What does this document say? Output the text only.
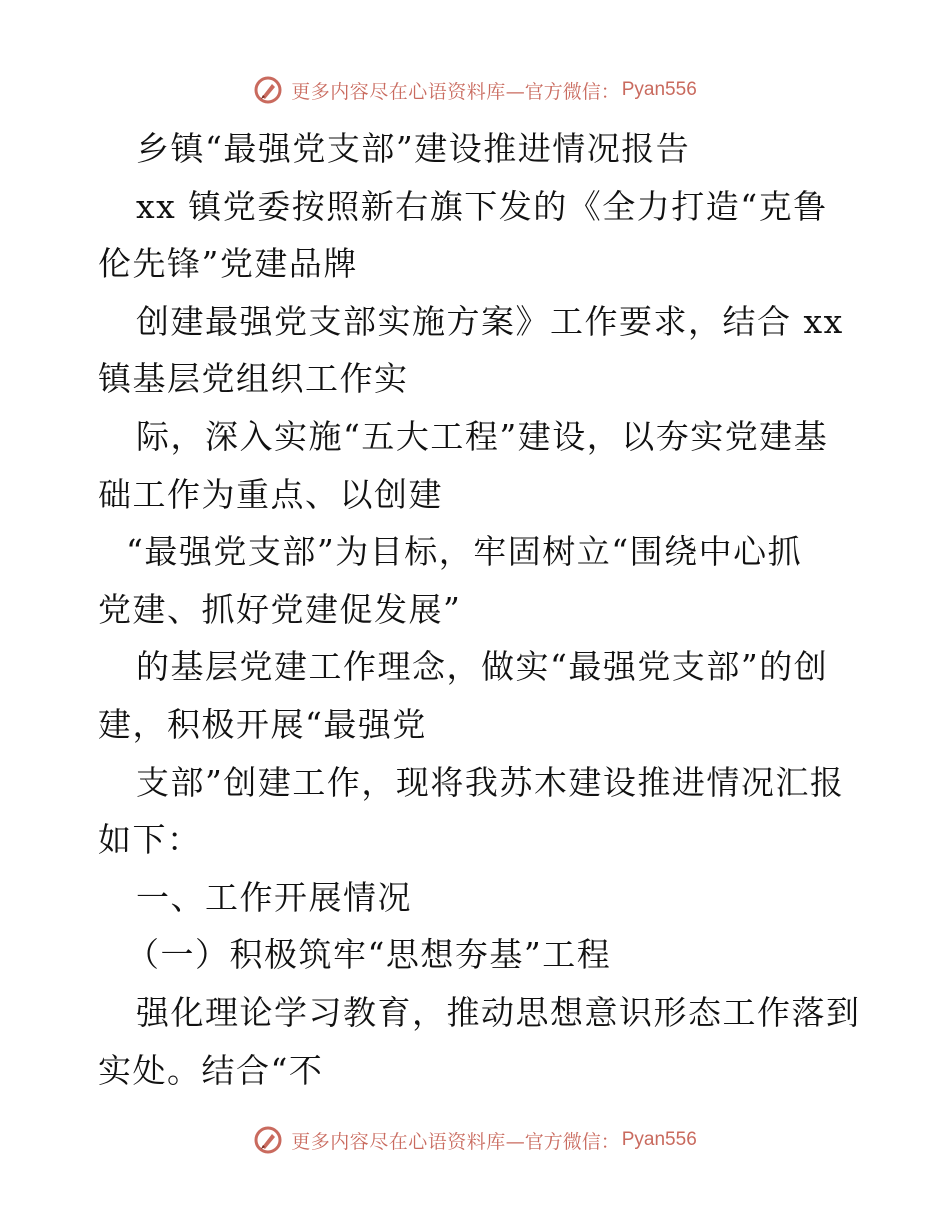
更多内容尽在心语资料库 —官方微信： Pyan556
乡镇“最强党支部”建设推进情况报告
xx 镇党委按照新右旗下发的《全力打造“克鲁
伦先锋”党建品牌
创建最强党支部实施方案》工作要求，结合 xx
镇基层党组织工作实
际，深入实施“五大工程”建设，以夯实党建基
础工作为重点、以创建
“最强党支部”为目标，牢固树立“围绕中心抓
党建、抓好党建促发展”
的基层党建工作理念，做实“最强党支部”的创
建，积极开展“最强党
支部”创建工作，现将我苏木建设推进情况汇报
如下：
一、工作开展情况
（一）积极筑牢“思想夯基”工程
强化理论学习教育，推动思想意识形态工作落到
实处。结合“不
更多内容尽在心语资料库 —官方微信： Pyan556
